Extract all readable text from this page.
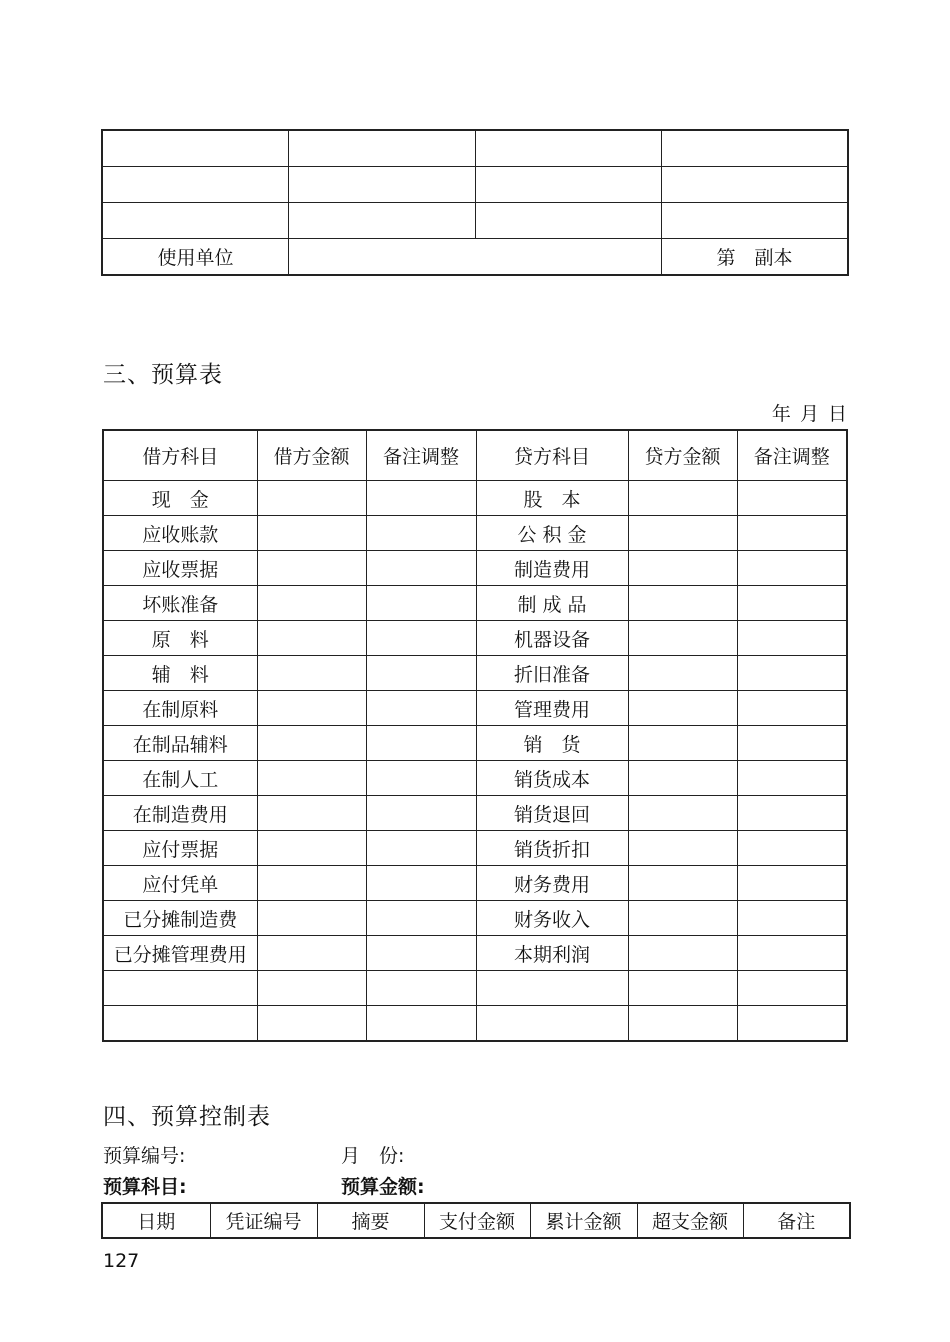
使用单位			第　副本
三、预算表
年 月 日
借方科目	借方金额	备注调整	贷方科目	贷方金额	备注调整
现　金			股　本		
应收账款			公 积 金		
应收票据			制造费用		
坏账准备			制 成 品		
原　料			机器设备		
辅　料			折旧准备		
在制原料			管理费用		
在制品辅料			销　货		
在制人工			销货成本		
在制造费用			销货退回		
应付票据			销货折扣		
应付凭单			财务费用		
已分摊制造费			财务收入		
已分摊管理费用			本期利润		

四、预算控制表
预算编号:	月　份:
预算科目:	预算金额:
日期	凭证编号	摘要	支付金额	累计金额	超支金额	备注
127
